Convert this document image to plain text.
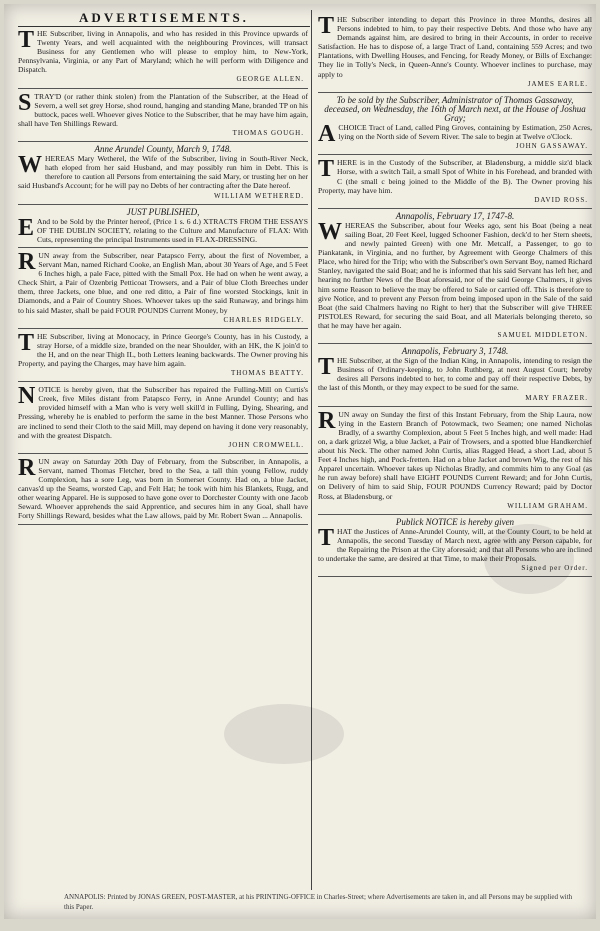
ADVERTISEMENTS.

THE Subscriber, living in Annapolis, and who has resided in this Province upwards of Twenty Years, and well acquainted with the neighbouring Provinces, will transact Business for any Gentlemen who will please to employ him, to New-York, Pennsylvania, Virginia, or any Part of Maryland; which he will perform with Diligence and Dispatch.

GEORGE ALLEN.

STRAY'D (or rather think stolen) from the Plantation of the Subscriber, at the Head of Severn, a well set grey Horse, shod round, hanging and standing Mane, branded TP on his buttock, paces well. Whoever gives Notice to the Subscriber, that he may have him again, shall have Ten Shillings Reward.

THOMAS GOUGH.
Anne Arundel County, March 9, 1748.

WHEREAS Mary Wetherel, the Wife of the Subscriber, living in South-River Neck, hath eloped from her said Husband, and may possibly run him in Debt. This is therefore to caution all Persons from entertaining the said Mary, or trusting her on her said Husband's Account; for he will pay no Debts of her contracting after the Date hereof.

WILLIAM WETHERED.
JUST PUBLISHED,

E And to be Sold by the Printer hereof, (Price 1 s. 6 d.) XTRACTS FROM THE ESSAYS OF THE DUBLIN SOCIETY, relating to the Culture and Manufacture of FLAX: With Cuts, representing the principal Instruments used in FLAX-DRESSING.

RUN away from the Subscriber, near Patapsco Ferry, about the first of November, a Servant Man, named Richard Cooke, an English Man, about 30 Years of Age, and 5 Feet 6 Inches high, a pale Face, pitted with the Small Pox. He had on when he went away, a Check Shirt, a Pair of Ozenbrig Petticoat Trowsers, and a Pair of blue Cloth Breeches under them, three Jackets, one blue, and one red ditto, a Pair of fine worsted Stockings, knit in Diamonds, and a Pair of Country Shoes. Whoever takes up the said Runaway, and brings him to his said Master, shall be paid FOUR POUNDS Current Money, by

CHARLES RIDGELY.

THE Subscriber, living at Monocacy, in Prince George's County, has in his Custody, a stray Horse, of a middle size, branded on the near Shoulder, with an HK, the K join'd to the H, and on the near Thigh IL, both Letters leaning backwards. The Owner proving his Property, and paying the Charges, may have him again.

THOMAS BEATTY.

NOTICE is hereby given, that the Subscriber has repaired the Fulling-Mill on Curtis's Creek, five Miles distant from Patapsco Ferry, in Anne Arundel County; and has provided himself with a Man who is very well skill'd in Fulling, Dying, Shearing, and Pressing, whereby he is enabled to perform the same in the best Manner. Those Persons who are inclined to send their Cloth to the said Mill, may depend on having it done very reasonably, and with the greatest Dispatch.

JOHN CROMWELL.

RUN away on Saturday 20th Day of February, from the Subscriber, in Annapolis, a Servant, named Thomas Fletcher, bred to the Sea, a tall thin young Fellow, ruddy Complexion, has a sore Leg, was born in Somerset County. Had on, a blue Jacket, canvas'd up the Seams, worsted Cap, and Felt Hat; he took with him his Blankets, Rugg, and other wearing Apparel. He is supposed to have gone over to Dorchester County with one Jacob Seward. Whoever apprehends the said Apprentice, and secures him in any Goal, shall have Forty Shillings Reward, besides what the Law allows, paid by Mr. Robert Swan ... Annapolis.

THE Subscriber intending to depart this Province in three Months, desires all Persons indebted to him, to pay their respective Debts. And those who have any Demands against him, are desired to bring in their Accounts, in order to receive Satisfaction. He has to dispose of, a large Tract of Land, containing 559 Acres; and two Plantations, with Dwelling Houses, and Fencing, for Ready Money, or Bills of Exchange: They lie in Tolly's Neck, in Queen-Anne's County. Whoever inclines to purchase, may apply to

JAMES EARLE.
To be sold by the Subscriber, Administrator of Thomas Gassaway, deceased, on Wednesday, the 16th of March next, at the House of Joshua Gray;

ACHOICE Tract of Land, called Ping Groves, containing by Estimation, 250 Acres, lying on the North side of Severn River. The sale to begin at Twelve o'Clock.

JOHN GASSAWAY.

THERE is in the Custody of the Subscriber, at Bladensburg, a middle siz'd black Horse, with a switch Tail, a small Spot of White in his Forehead, and branded with C (the small c being joined to the Middle of the B). The Owner proving his Property, may have him.

DAVID ROSS.
Annapolis, February 17, 1747-8.

WHEREAS the Subscriber, about four Weeks ago, sent his Boat (being a neat sailing Boat, 20 Feet Keel, lugged Schooner Fashion, deck'd to her Stern sheets, and newly painted Green) with one Mr. Metcalf, a Passenger, to go to Piankatank, in Virginia, and no further, by Agreement with George Chalmers of this Place, who hired for the Trip; who with the Subscriber's own Servant Boy, named Richard Stanley, navigated the said Boat; and he is informed that his said Servant has left her, and hearing no further News of the Boat aforesaid, nor of the said George Chalmers, it gives him some Reason to believe the may be offered to Sale or carried off. This is therefore to give Notice, and to prevent any Person from being imposed upon in the Sale of the said Boat (the said Chalmers having no Right to her) that the Subscriber will give THREE PISTOLES Reward, for securing the said Boat, and all Materials belonging thereto, so that he may have her again.

SAMUEL MIDDLETON.
Annapolis, February 3, 1748.

THE Subscriber, at the Sign of the Indian King, in Annapolis, intending to resign the Business of Ordinary-keeping, to John Ruthberg, at next August Court; hereby desires all Persons indebted to her, to come and pay off their respective Debts, by the last of this Month, or they may expect to be sued for the same.

MARY FRAZER.

RUN away on Sunday the first of this Instant February, from the Ship Laura, now lying in the Eastern Branch of Potowmack, two Seamen; one named Nicholas Bradly, of a swarthy Complexion, about 5 Feet 5 Inches high, and well made: Had on, a dark grizzel Wig, a blue Jacket, a Pair of Trowsers, and a spotted blue Handkerchief about his Neck. The other named John Curtis, alias Ragged Head, a short Lad, about 5 Feet 4 Inches high, and Pock-fretten. Had on a blue Jacket and brown Wig, the rest of his Apparel uncertain. Whoever takes up Nicholas Bradly, and commits him to any Goal (as he run away before) shall have EIGHT POUNDS Current Reward; and for John Curtis, on Delivery of him to said Ship, FOUR POUNDS Currency Reward; paid by Doctor Ross, at Bladensburg, or

WILLIAM GRAHAM.
Publick NOTICE is hereby given

THAT the Justices of Anne-Arundel County, will, at the County Court, to be held at Annapolis, the second Tuesday of March next, agree with any Person capable, for the Repairing the Prison at the City aforesaid; and that all Persons who are inclined to undertake the same, are desired at that Time, to make their Proposals.

Signed per Order.
ANNAPOLIS: Printed by JONAS GREEN, POST-MASTER, at his PRINTING-OFFICE in Charles-Street; where Advertisements are taken in, and all Persons may be supplied with this Paper.
